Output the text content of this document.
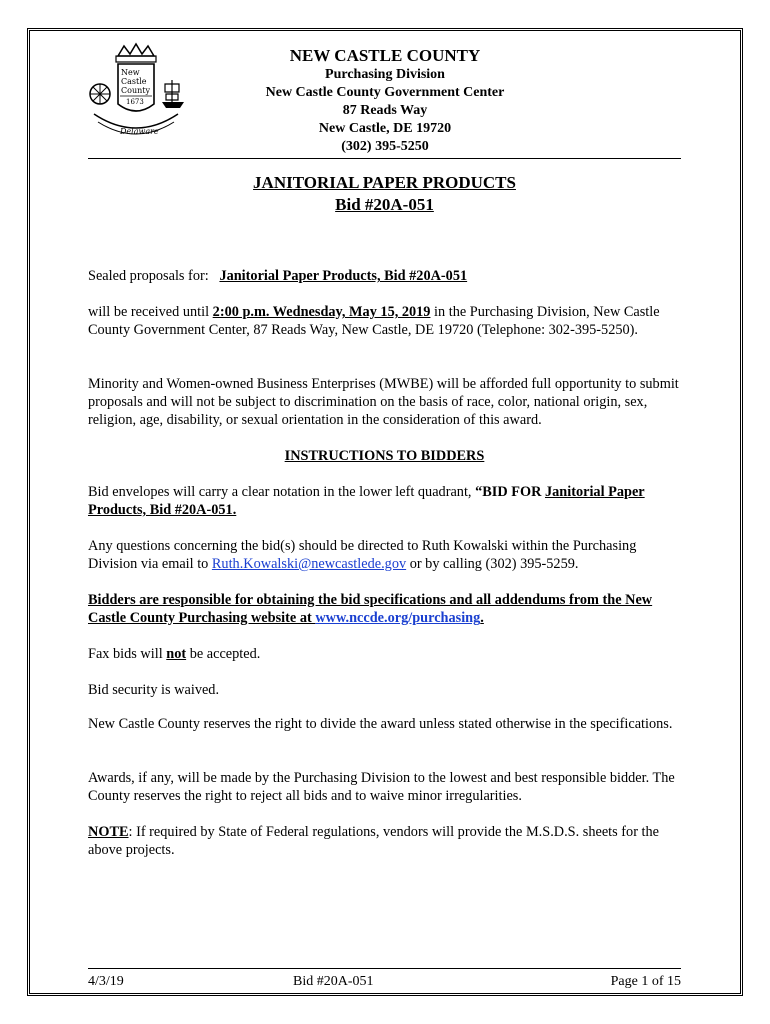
New
Castle
County
1673
Delaware
NEW CASTLE COUNTY
Purchasing Division
New Castle County Government Center
87 Reads Way
New Castle, DE 19720
(302) 395-5250
JANITORIAL PAPER PRODUCTS
Bid #20A-051
Sealed proposals for: Janitorial Paper Products, Bid #20A-051
will be received until 2:00 p.m. Wednesday, May 15, 2019 in the Purchasing Division, New Castle County Government Center, 87 Reads Way, New Castle, DE 19720 (Telephone: 302-395-5250).
Minority and Women-owned Business Enterprises (MWBE) will be afforded full opportunity to submit proposals and will not be subject to discrimination on the basis of race, color, national origin, sex, religion, age, disability, or sexual orientation in the consideration of this award.
INSTRUCTIONS TO BIDDERS
Bid envelopes will carry a clear notation in the lower left quadrant, “BID FOR Janitorial Paper Products, Bid #20A-051.
Any questions concerning the bid(s) should be directed to Ruth Kowalski within the Purchasing Division via email to Ruth.Kowalski@newcastlede.gov or by calling (302) 395-5259.
Bidders are responsible for obtaining the bid specifications and all addendums from the New Castle County Purchasing website at www.nccde.org/purchasing.
Fax bids will not be accepted.
Bid security is waived.
New Castle County reserves the right to divide the award unless stated otherwise in the specifications.
Awards, if any, will be made by the Purchasing Division to the lowest and best responsible bidder. The County reserves the right to reject all bids and to waive minor irregularities.
NOTE: If required by State of Federal regulations, vendors will provide the M.S.D.S. sheets for the above projects.
4/3/19	Bid #20A-051	Page 1 of 15
